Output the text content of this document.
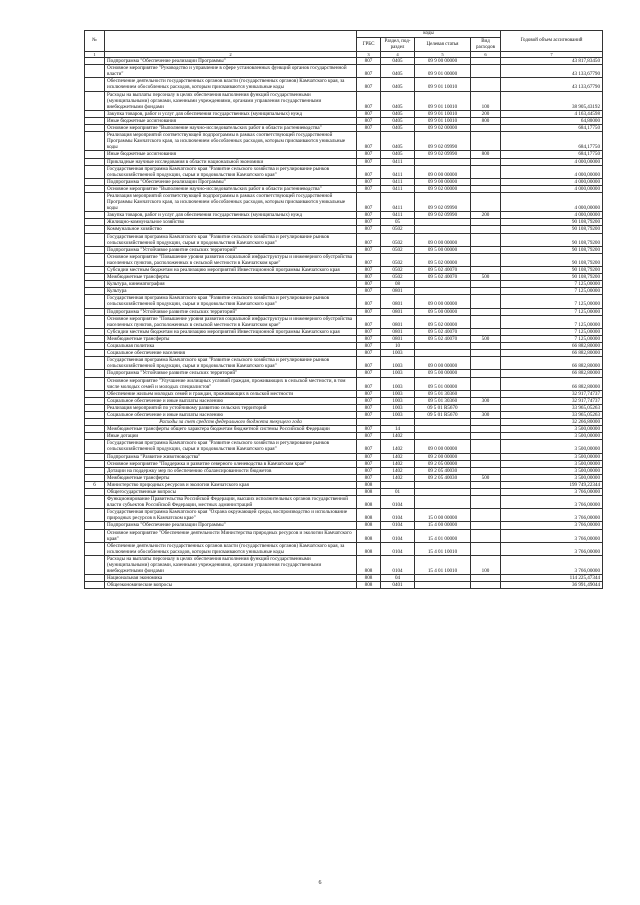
№		коды				Годовой объем ассигнований
		ГРБС	Раздел, под-раздел	Целевая статья	Вид расходов	
1	2	3	4	5	6	7
	Подпрограмма "Обеспечение реализации Программы"	807	0405	09 9 00 00000		43 817,83450
	Основное мероприятие "Руководство и управление в сфере установленных функций органов государственной власти"	807	0405	09 9 01 00000		43 133,67790
	Обеспечение деятельности государственных органов власти (государственных органов) Камчатского края, за исключением обособленных расходов, которым присваиваются уникальные коды	807	0405	09 9 01 10010		43 133,67790
	Расходы на выплаты персоналу в целях обеспечения выполнения функций государственными (муниципальными) органами, казенными учреждениями, органами управления государственными внебюджетными фондами	807	0405	09 9 01 10010	100	38 905,43192
	Закупка товаров, работ и услуг для обеспечения государственных (муниципальных) нужд	807	0405	09 9 01 10010	200	4 163,44598
	Иные бюджетные ассигнования	807	0405	09 9 01 10010	800	64,80000
	Основное мероприятие "Выполнение научно-исследовательских работ в области растениеводства"	807	0405	09 9 02 00000		684,17750
	Реализация мероприятий соответствующей подпрограммы в рамках соответствующей государственной Программы Камчатского края, за исключением обособленных расходов, которым присваиваются уникальные коды	807	0405	09 9 02 09990		684,17750
	Иные бюджетные ассигнования	807	0405	09 9 02 09990	800	684,17750
	Прикладные научные исследования в области национальной экономики	807	0411			4 000,00000
	Государственная программа Камчатского края "Развитие сельского хозяйства и регулирование рынков сельскохозяйственной продукции, сырья и продовольствия Камчатского края"	807	0411	09 0 00 00000		4 000,00000
	Подпрограмма "Обеспечение реализации Программы"	807	0411	09 9 00 00000		4 000,00000
	Основное мероприятие "Выполнение научно-исследовательских работ в области растениеводства"	807	0411	09 9 02 00000		4 000,00000
	Реализация мероприятий соответствующей подпрограммы в рамках соответствующей государственной Программы Камчатского края, за исключением обособленных расходов, которым присваиваются уникальные коды	807	0411	09 9 02 09990		4 000,00000
	Закупка товаров, работ и услуг для обеспечения государственных (муниципальных) нужд	807	0411	09 9 02 09990	200	4 000,00000
	Жилищно-коммунальное хозяйство	807	05			90 108,79200
	Коммунальное хозяйство	807	0502			90 108,79200
	Государственная программа Камчатского края "Развитие сельского хозяйства и регулирование рынков сельскохозяйственной продукции, сырья и продовольствия Камчатского края"	807	0502	09 0 00 00000		90 108,79200
	Подпрограмма "Устойчивое развитие сельских территорий"	807	0502	09 5 00 00000		90 108,79200
	Основное мероприятие "Повышение уровня развития социальной инфраструктуры и инженерного обустройства населенных пунктов, расположенных в сельской местности в Камчатском крае"	807	0502	09 5 02 00000		90 108,79200
	Субсидии местным бюджетам на реализацию мероприятий Инвестиционной программы Камчатского края	807	0502	09 5 02 40070		90 108,79200
	Межбюджетные трансферты	807	0502	09 5 02 40070	500	90 108,79200
	Культура, кинематография	807	08			7 125,00000
	Культура	807	0801			7 125,00000
	Государственная программа Камчатского края "Развитие сельского хозяйства и регулирование рынков сельскохозяйственной продукции, сырья и продовольствия Камчатского края"	807	0801	09 0 00 00000		7 125,00000
	Подпрограмма "Устойчивое развитие сельских территорий"	807	0801	09 5 00 00000		7 125,00000
	Основное мероприятие "Повышение уровня развития социальной инфраструктуры и инженерного обустройства населенных пунктов, расположенных в сельской местности в Камчатском крае"	807	0801	09 5 02 00000		7 125,00000
	Субсидии местным бюджетам на реализацию мероприятий Инвестиционной программы Камчатского края	807	0801	09 5 02 40070		7 125,00000
	Межбюджетные трансферты	807	0801	09 5 02 40070	500	7 125,00000
	Социальная политика	807	10			66 882,80000
	Социальное обеспечение населения	807	1003			66 882,80000
	Государственная программа Камчатского края "Развитие сельского хозяйства и регулирование рынков сельскохозяйственной продукции, сырья и продовольствия Камчатского края"	807	1003	09 0 00 00000		66 882,80000
	Подпрограмма "Устойчивое развитие сельских территорий"	807	1003	09 5 00 00000		66 882,80000
	Основное мероприятие "Улучшение жилищных условий граждан, проживающих в сельской местности, в том числе молодых семей и молодых специалистов"	807	1003	09 5 01 00000		66 882,80000
	Обеспечение жильем молодых семей и граждан, проживающих в сельской местности	807	1003	09 5 01 30360		32 917,74737
	Социальное обеспечение и иные выплаты населению	807	1003	09 5 01 30360	300	32 917,74737
	Реализация мероприятий по устойчивому развитию сельских территорий	807	1003	09 5 01 R5670		33 965,05263
	Социальное обеспечение и иные выплаты населению	807	1003	09 5 01 R5670	300	33 965,05263
	Расходы за счет средств федерального бюджета текущего года					32 266,80000
	Межбюджетные трансферты общего характера бюджетам бюджетной системы Российской Федерации	807	14			3 500,00000
	Иные дотации	807	1402			3 500,00000
	Государственная программа Камчатского края "Развитие сельского хозяйства и регулирование рынков сельскохозяйственной продукции, сырья и продовольствия Камчатского края"	807	1402	09 0 00 00000		3 500,00000
	Подпрограмма "Развитие животноводства"	807	1402	09 2 00 00000		3 500,00000
	Основное мероприятие "Поддержка и развитие северного оленеводства в Камчатском крае"	807	1402	09 2 05 00000		3 500,00000
	Дотации на поддержку мер по обеспечению сбалансированности бюджетов	807	1402	09 2 05 40030		3 500,00000
	Межбюджетные трансферты	807	1402	09 2 05 40030	500	3 500,00000
6	Министерство природных ресурсов и экологии Камчатского края	808				199 749,22344
	Общегосударственные вопросы	808	01			3 766,00000
	Функционирование Правительства Российской Федерации, высших исполнительных органов государственной власти субъектов Российской Федерации, местных администраций	808	0104			3 766,00000
	Государственная программа Камчатского края "Охрана окружающей среды, воспроизводство и использование природных ресурсов в Камчатском крае"	808	0104	15 0 00 00000		3 766,00000
	Подпрограмма "Обеспечение реализации Программы"	808	0104	15 4 00 00000		3 766,00000
	Основное мероприятие "Обеспечение деятельности Министерства природных ресурсов и экологии Камчатского края"	808	0104	15 4 01 00000		3 766,00000
	Обеспечение деятельности государственных органов власти (государственных органов) Камчатского края, за исключением обособленных расходов, которым присваиваются уникальные коды	808	0104	15 4 01 10010		3 766,00000
	Расходы на выплаты персоналу в целях обеспечения выполнения функций государственными (муниципальными) органами, казенными учреждениями, органами управления государственными внебюджетными фондами	808	0104	15 4 01 10010	100	3 766,00000
	Национальная экономика	808	04			114 225,47344
	Общеэкономические вопросы	808	0401			36 991,49044
6
